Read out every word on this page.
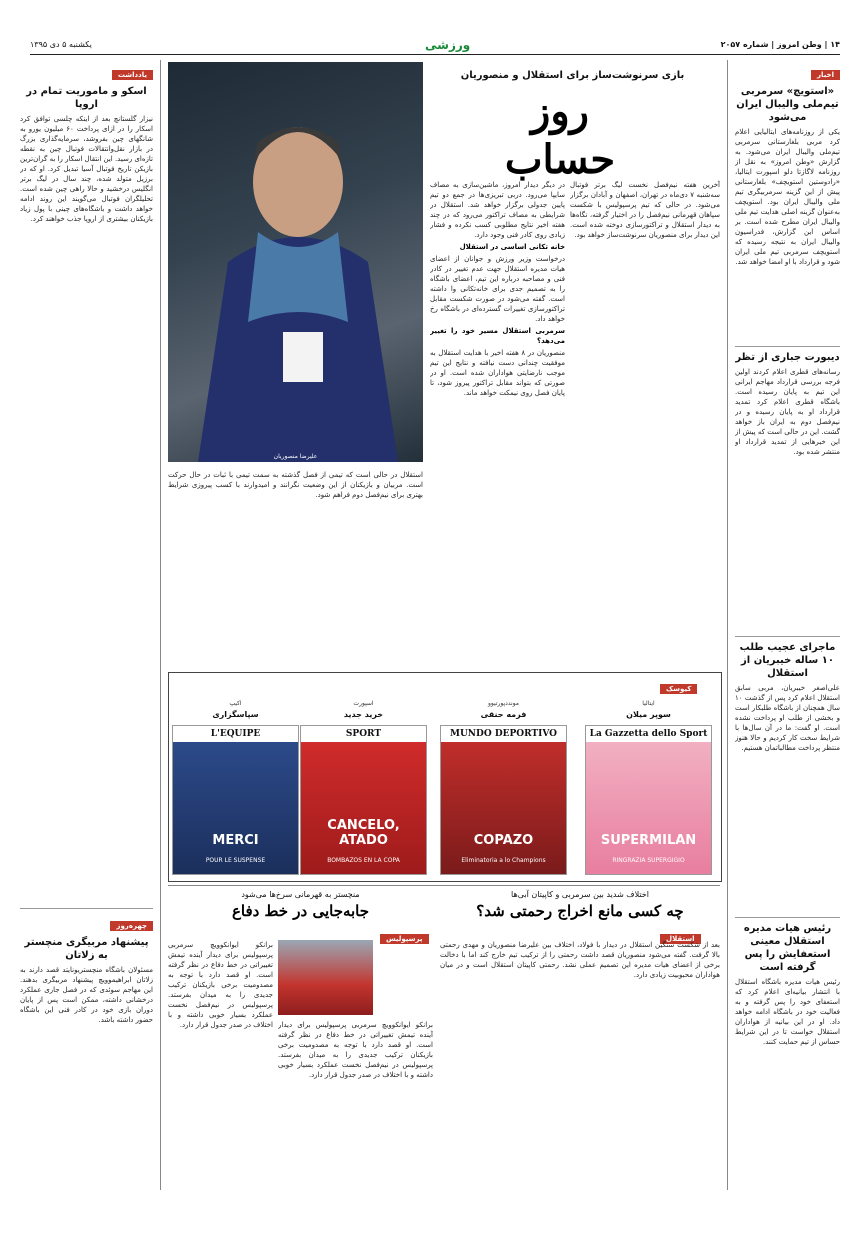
۱۴ | وطن امروز | شماره ۲۰۵۷
ورزشی
یکشنبه ۵ دی ۱۳۹۵
اخبار
«استویچ» سرمربی تیم‌ملی والیبال ایران می‌شود
یکی از روزنامه‌های ایتالیایی اعلام کرد مربی بلغارستانی سرمربی تیم‌ملی والیبال ایران می‌شود. به گزارش «وطن امروز» به نقل از روزنامه لاگازتا دلو اسپورت ایتالیا، «رادوستین استویچف» بلغارستانی پیش از این گزینه سرمربیگری تیم ملی والیبال ایران بود. استویچف به‌عنوان گزینه اصلی هدایت تیم ملی والیبال ایران مطرح شده است. بر اساس این گزارش، فدراسیون والیبال ایران به نتیجه رسیده که استویچف سرمربی تیم ملی ایران شود و قرارداد با او امضا خواهد شد.
دیبورت جباری از تظر
رسانه‌های قطری اعلام کردند اولین فرجه بررسی قرارداد مهاجم ایرانی این تیم به پایان رسیده است. باشگاه قطری اعلام کرد تمدید قرارداد او به پایان رسیده و در نیم‌فصل دوم به ایران باز خواهد گشت. این در حالی است که پیش از این خبرهایی از تمدید قرارداد او منتشر شده بود.
ماجرای عجیب طلب ۱۰ ساله خیبریان از استقلال
علی‌اصغر خیبریان، مربی سابق استقلال اعلام کرد پس از گذشت ۱۰ سال همچنان از باشگاه طلبکار است و بخشی از طلب او پرداخت نشده است. او گفت: ما در آن سال‌ها با شرایط سخت کار کردیم و حالا هنوز منتظر پرداخت مطالباتمان هستیم.
رئیس هیات مدیره استقلال معینی استعفایش را پس گرفته است
رئیس هیات مدیره باشگاه استقلال با انتشار بیانیه‌ای اعلام کرد که استعفای خود را پس گرفته و به فعالیت خود در باشگاه ادامه خواهد داد. او در این بیانیه از هواداران استقلال خواست تا در این شرایط حساس از تیم حمایت کنند.
بازی سرنوشت‌ساز برای استقلال و منصوریان
روز حساب
علیرضا منصوریان

آخرین هفته نیم‌فصل نخست لیگ برتر فوتبال سه‌شنبه ۷ دی‌ماه در تهران، اصفهان و آبادان برگزار می‌شود. در حالی که تیم پرسپولیس با شکست سپاهان قهرمانی نیم‌فصل را در اختیار گرفته، نگاه‌ها به دیدار استقلال و تراکتورسازی دوخته شده است. این دیدار برای منصوریان سرنوشت‌ساز خواهد بود.

در دیگر دیدار امروز، ماشین‌سازی به مصاف سایپا می‌رود. دربی تبریزی‌ها در جمع دو تیم پایین جدولی برگزار خواهد شد. استقلال در شرایطی به مصاف تراکتور می‌رود که در چند هفته اخیر نتایج مطلوبی کسب نکرده و فشار زیادی روی کادر فنی وجود دارد.

خانه تکانی اساسی در استقلال

درخواست وزیر ورزش و جوانان از اعضای هیات مدیره استقلال جهت عدم تغییر در کادر فنی و مصاحبه درباره این تیم، اعضای باشگاه را به تصمیم جدی برای خانه‌تکانی وا داشته است. گفته می‌شود در صورت شکست مقابل تراکتورسازی تغییرات گسترده‌ای در باشگاه رخ خواهد داد.

سرمربی استقلال مسیر خود را تغییر می‌دهد؟

منصوریان در ۸ هفته اخیر با هدایت استقلال به موفقیت چندانی دست نیافته و نتایج این تیم موجب نارضایتی هواداران شده است. او در صورتی که بتواند مقابل تراکتور پیروز شود، تا پایان فصل روی نیمکت خواهد ماند.

استقلال در حالی است که تیمی از فصل گذشته به سمت تیمی با ثبات در حال حرکت است. مربیان و بازیکنان از این وضعیت نگرانند و امیدوارند با کسب پیروزی شرایط بهتری برای نیم‌فصل دوم فراهم شود.

یادداشت
اسکو و ماموریت تمام در اروپا
نیزار گلستانچ بعد از اینکه چلسی توافق کرد اسکار را در ازای پرداخت ۶۰ میلیون یورو به شانگهای چین بفروشد، سرمایه‌گذاری بزرگ در بازار نقل‌وانتقالات فوتبال چین به نقطه تازه‌ای رسید. این انتقال اسکار را به گران‌ترین بازیکن تاریخ فوتبال آسیا تبدیل کرد. او که در برزیل متولد شده، چند سال در لیگ برتر انگلیس درخشید و حالا راهی چین شده است. تحلیلگران فوتبال می‌گویند این روند ادامه خواهد داشت و باشگاه‌های چینی با پول زیاد بازیکنان بیشتری از اروپا جذب خواهند کرد.
چهره‌روز
پیشنهاد مربیگری منچستر به زلاتان
مسئولان باشگاه منچستریونایتد قصد دارند به زلاتان ابراهیموویچ پیشنهاد مربیگری بدهند. این مهاجم سوئدی که در فصل جاری عملکرد درخشانی داشته، ممکن است پس از پایان دوران بازی خود در کادر فنی این باشگاه حضور داشته باشد.
کیوسک
ایتالیا
سوپر میلان
La Gazzetta dello Sport
SUPERMILAN
RINGRAZIA SUPERGIGIO
مونددپورتیوو
فرمه حنقی
MUNDO DEPORTIVO
COPAZO
Eliminatoria a lo Champions
اسپورت
خرید جدید
SPORT
CANCELO, ATADO
BOMBAZOS EN LA COPA
اکیپ
سپاسگزاری
L'EQUIPE
MERCI
POUR LE SUSPENSE
اختلاف شدید بین سرمربی و کاپیتان آبی‌ها
چه کسی مانع اخراج رحمتی شد؟
استقلال
بعد از شکست سنگین استقلال در دیدار با فولاد، اختلاف بین علیرضا منصوریان و مهدی رحمتی بالا گرفت. گفته می‌شود منصوریان قصد داشت رحمتی را از ترکیب تیم خارج کند اما با دخالت برخی از اعضای هیات مدیره این تصمیم عملی نشد. رحمتی کاپیتان استقلال است و در میان هواداران محبوبیت زیادی دارد.
منچستر به قهرمانی سرخ‌ها می‌شود
جابه‌جایی در خط دفاع
پرسپولیس
برانکو ایوانکوویچ سرمربی پرسپولیس برای دیدار آینده تیمش تغییراتی در خط دفاع در نظر گرفته است. او قصد دارد با توجه به مصدومیت برخی بازیکنان ترکیب جدیدی را به میدان بفرستد. پرسپولیس در نیم‌فصل نخست عملکرد بسیار خوبی داشته و با اختلاف در صدر جدول قرار دارد. برانکو ایوانکوویچ سرمربی پرسپولیس برای دیدار آینده تیمش تغییراتی در خط دفاع در نظر گرفته است. او قصد دارد با توجه به مصدومیت برخی بازیکنان ترکیب جدیدی را به میدان بفرستد. پرسپولیس در نیم‌فصل نخست عملکرد بسیار خوبی داشته و با اختلاف در صدر جدول قرار دارد.
